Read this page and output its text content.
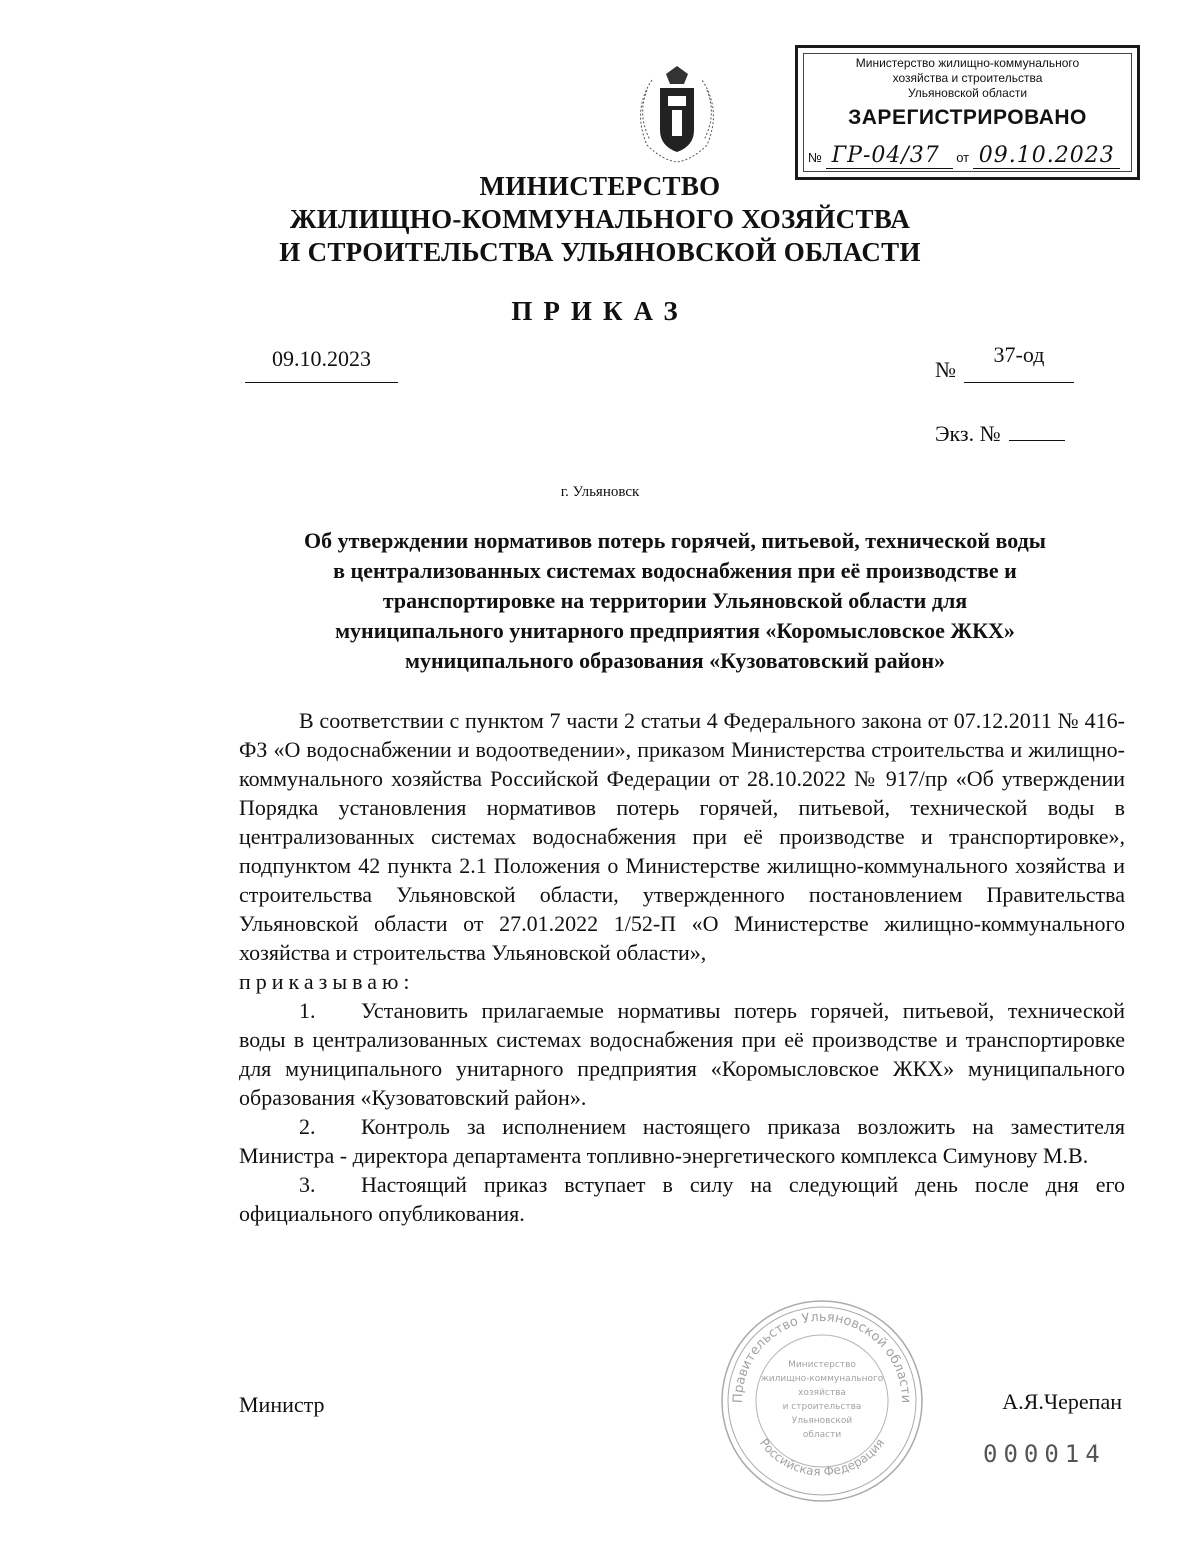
Министерство жилищно-коммунального
хозяйства и строительства
Ульяновской области
ЗАРЕГИСТРИРОВАНО
№ ГР-04/37 от 09.10.2023
МИНИСТЕРСТВО
ЖИЛИЩНО-КОММУНАЛЬНОГО ХОЗЯЙСТВА
И СТРОИТЕЛЬСТВА УЛЬЯНОВСКОЙ ОБЛАСТИ
ПРИКАЗ
09.10.2023	№37-од
Экз. №
г. Ульяновск
Об утверждении нормативов потерь горячей, питьевой, технической воды
в централизованных системах водоснабжения при её производстве и
транспортировке на территории Ульяновской области для
муниципального унитарного предприятия «Коромысловское ЖКХ»
муниципального образования «Кузоватовский район»

В соответствии с пунктом 7 части 2 статьи 4 Федерального закона от 07.12.2011 № 416-ФЗ «О водоснабжении и водоотведении», приказом Министерства строительства и жилищно-коммунального хозяйства Российской Федерации от 28.10.2022 № 917/пр «Об утверждении Порядка установления нормативов потерь горячей, питьевой, технической воды в централизованных системах водоснабжения при её производстве и транспортировке», подпунктом 42 пункта 2.1 Положения о Министерстве жилищно-коммунального хозяйства и строительства Ульяновской области, утвержденного постановлением Правительства Ульяновской области от 27.01.2022 1/52-П «О Министерстве жилищно-коммунального хозяйства и строительства Ульяновской области»,

приказываю:

1. Установить прилагаемые нормативы потерь горячей, питьевой, технической воды в централизованных системах водоснабжения при её производстве и транспортировке для муниципального унитарного предприятия «Коромысловское ЖКХ» муниципального образования «Кузоватовский район».

2. Контроль за исполнением настоящего приказа возложить на заместителя Министра - директора департамента топливно-энергетического комплекса Симунову М.В.

3. Настоящий приказ вступает в силу на следующий день после дня его официального опубликования.

Правительство Ульяновской области
Российская Федерация
Министерство
жилищно-коммунального
хозяйства
и строительства
Ульяновской
области
Министр	А.Я.Черепан
000014
